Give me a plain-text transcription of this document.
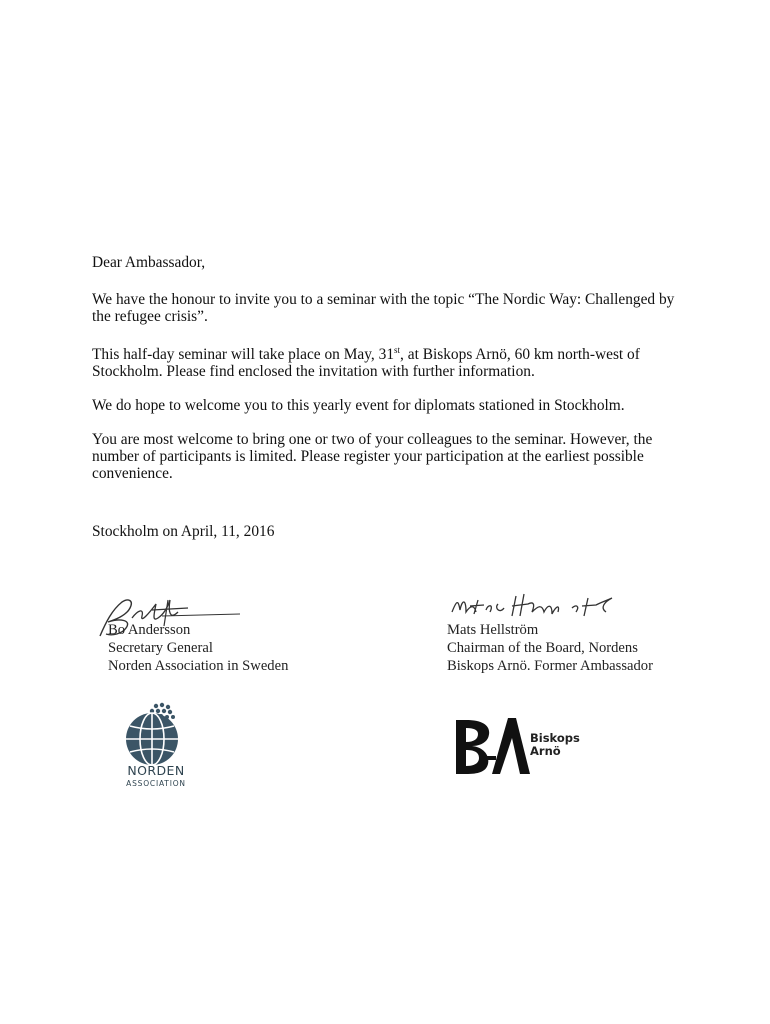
Dear Ambassador,

We have the honour to invite you to a seminar with the topic “The Nordic Way: Challenged by the refugee crisis”.

This half-day seminar will take place on May, 31st, at Biskops Arnö, 60 km north-west of Stockholm. Please find enclosed the invitation with further information.

We do hope to welcome you to this yearly event for diplomats stationed in Stockholm.

You are most welcome to bring one or two of your colleagues to the seminar. However, the number of participants is limited. Please register your participation at the earliest possible convenience.

Stockholm on April, 11, 2016
Bo Andersson
Secretary General
Norden Association in Sweden
Mats Hellström
Chairman of the Board, Nordens
Biskops Arnö. Former Ambassador
NORDEN
ASSOCIATION
Biskops
Arnö
